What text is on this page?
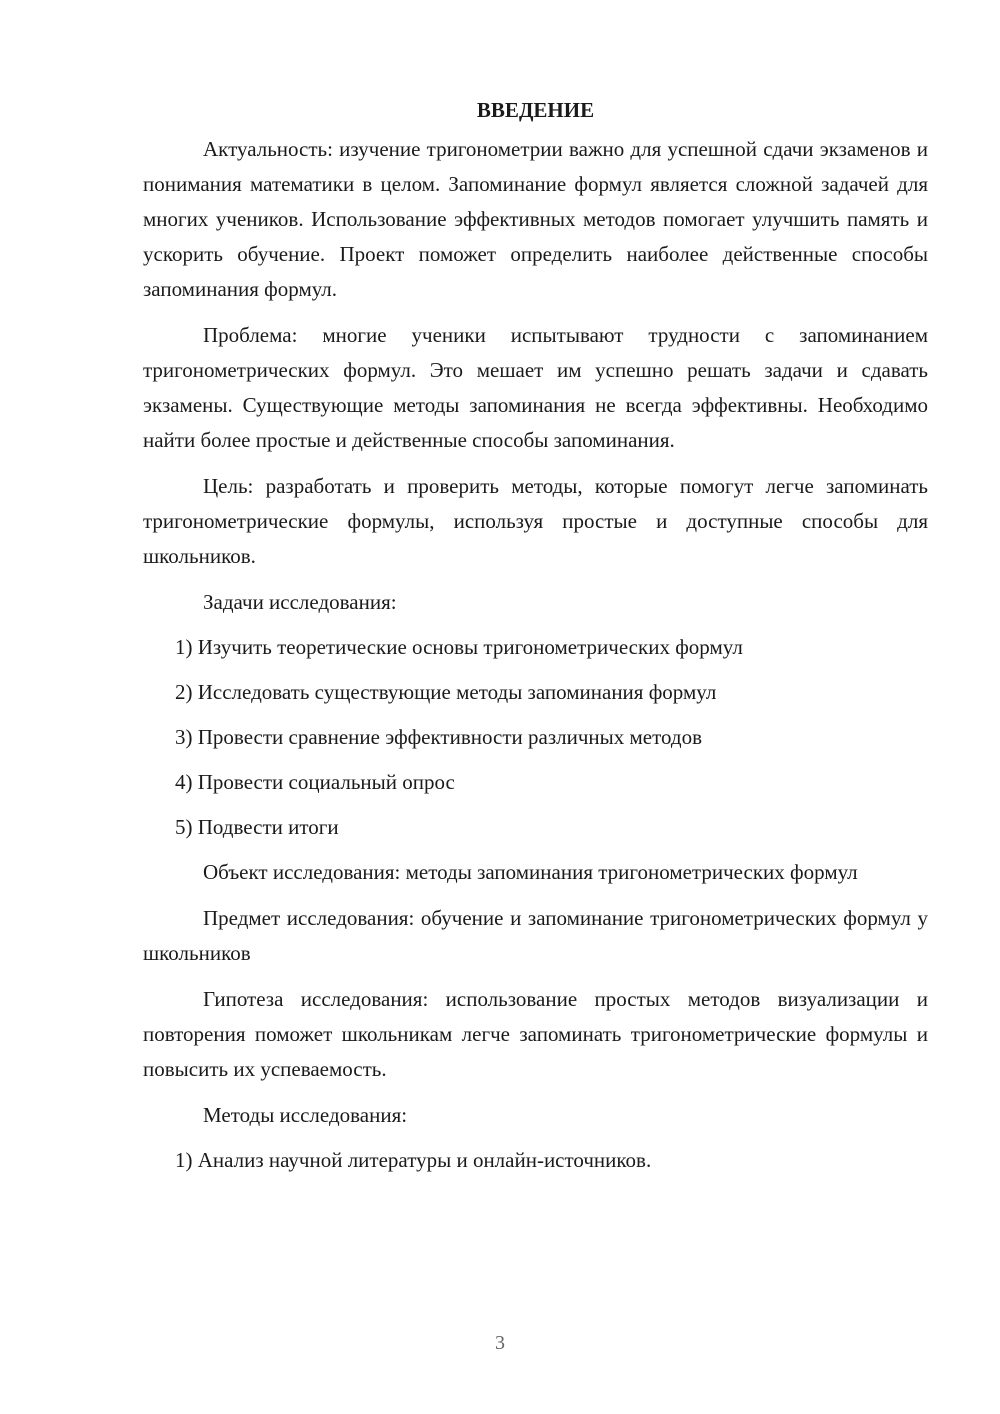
ВВЕДЕНИЕ
Актуальность: изучение тригонометрии важно для успешной сдачи экзаменов и понимания математики в целом. Запоминание формул является сложной задачей для многих учеников. Использование эффективных методов помогает улучшить память и ускорить обучение. Проект поможет определить наиболее действенные способы запоминания формул.
Проблема: многие ученики испытывают трудности с запоминанием тригонометрических формул. Это мешает им успешно решать задачи и сдавать экзамены. Существующие методы запоминания не всегда эффективны. Необходимо найти более простые и действенные способы запоминания.
Цель: разработать и проверить методы, которые помогут легче запоминать тригонометрические формулы, используя простые и доступные способы для школьников.
Задачи исследования:
1) Изучить теоретические основы тригонометрических формул
2) Исследовать существующие методы запоминания формул
3) Провести сравнение эффективности различных методов
4) Провести социальный опрос
5) Подвести итоги
Объект исследования: методы запоминания тригонометрических формул
Предмет исследования: обучение и запоминание тригонометрических формул у школьников
Гипотеза исследования: использование простых методов визуализации и повторения поможет школьникам легче запоминать тригонометрические формулы и повысить их успеваемость.
Методы исследования:
1) Анализ научной литературы и онлайн-источников.
3
